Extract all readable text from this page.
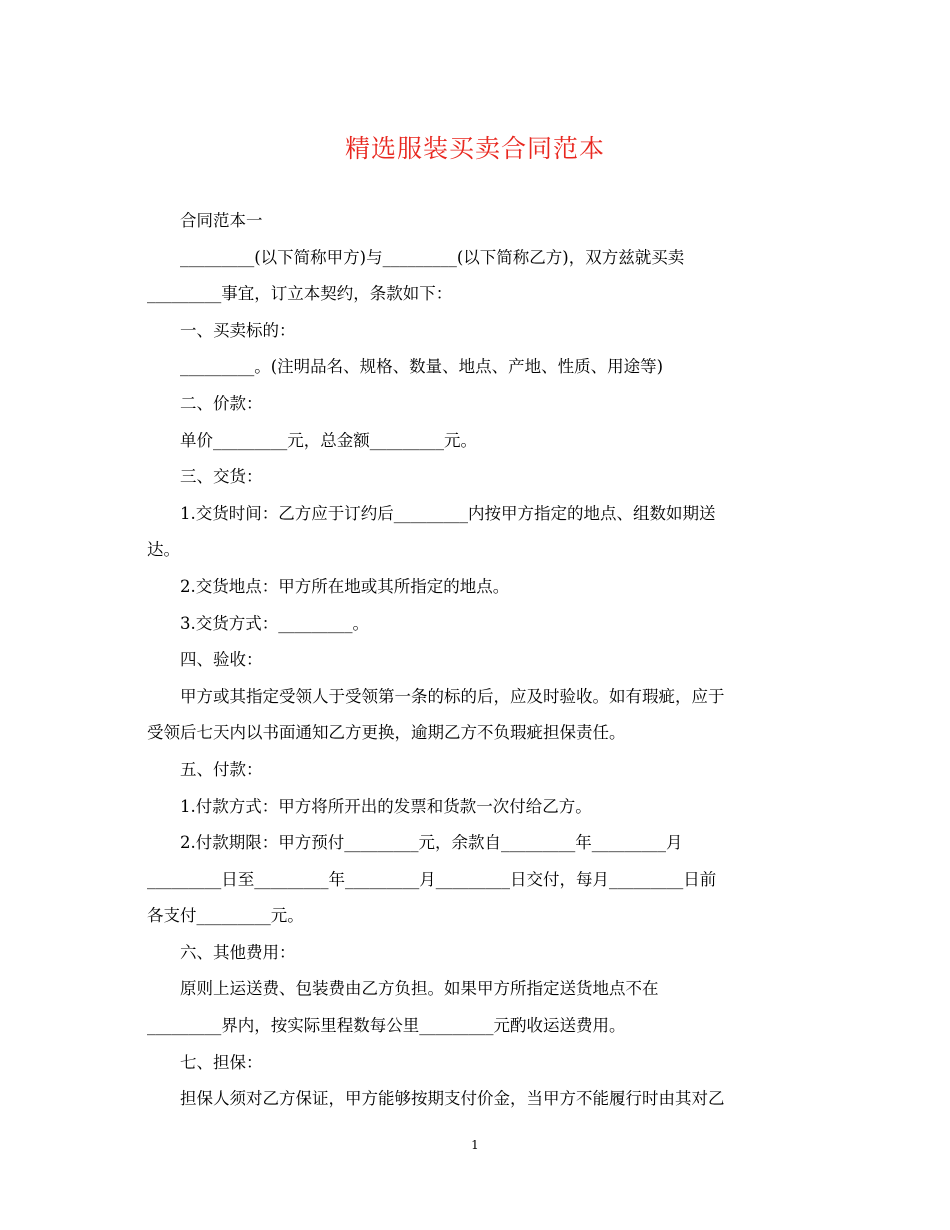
精选服装买卖合同范本
合同范本一
_________(以下简称甲方)与_________(以下简称乙方)，双方兹就买卖
_________事宜，订立本契约，条款如下：
一、买卖标的：
_________。(注明品名、规格、数量、地点、产地、性质、用途等)
二、价款：
单价_________元，总金额_________元。
三、交货：
1.交货时间：乙方应于订约后_________内按甲方指定的地点、组数如期送
达。
2.交货地点：甲方所在地或其所指定的地点。
3.交货方式：_________。
四、验收：
甲方或其指定受领人于受领第一条的标的后，应及时验收。如有瑕疵，应于
受领后七天内以书面通知乙方更换，逾期乙方不负瑕疵担保责任。
五、付款：
1.付款方式：甲方将所开出的发票和货款一次付给乙方。
2.付款期限：甲方预付_________元，余款自_________年_________月
_________日至_________年_________月_________日交付，每月_________日前
各支付_________元。
六、其他费用：
原则上运送费、包装费由乙方负担。如果甲方所指定送货地点不在
_________界内，按实际里程数每公里_________元酌收运送费用。
七、担保：
担保人须对乙方保证，甲方能够按期支付价金，当甲方不能履行时由其对乙
1
